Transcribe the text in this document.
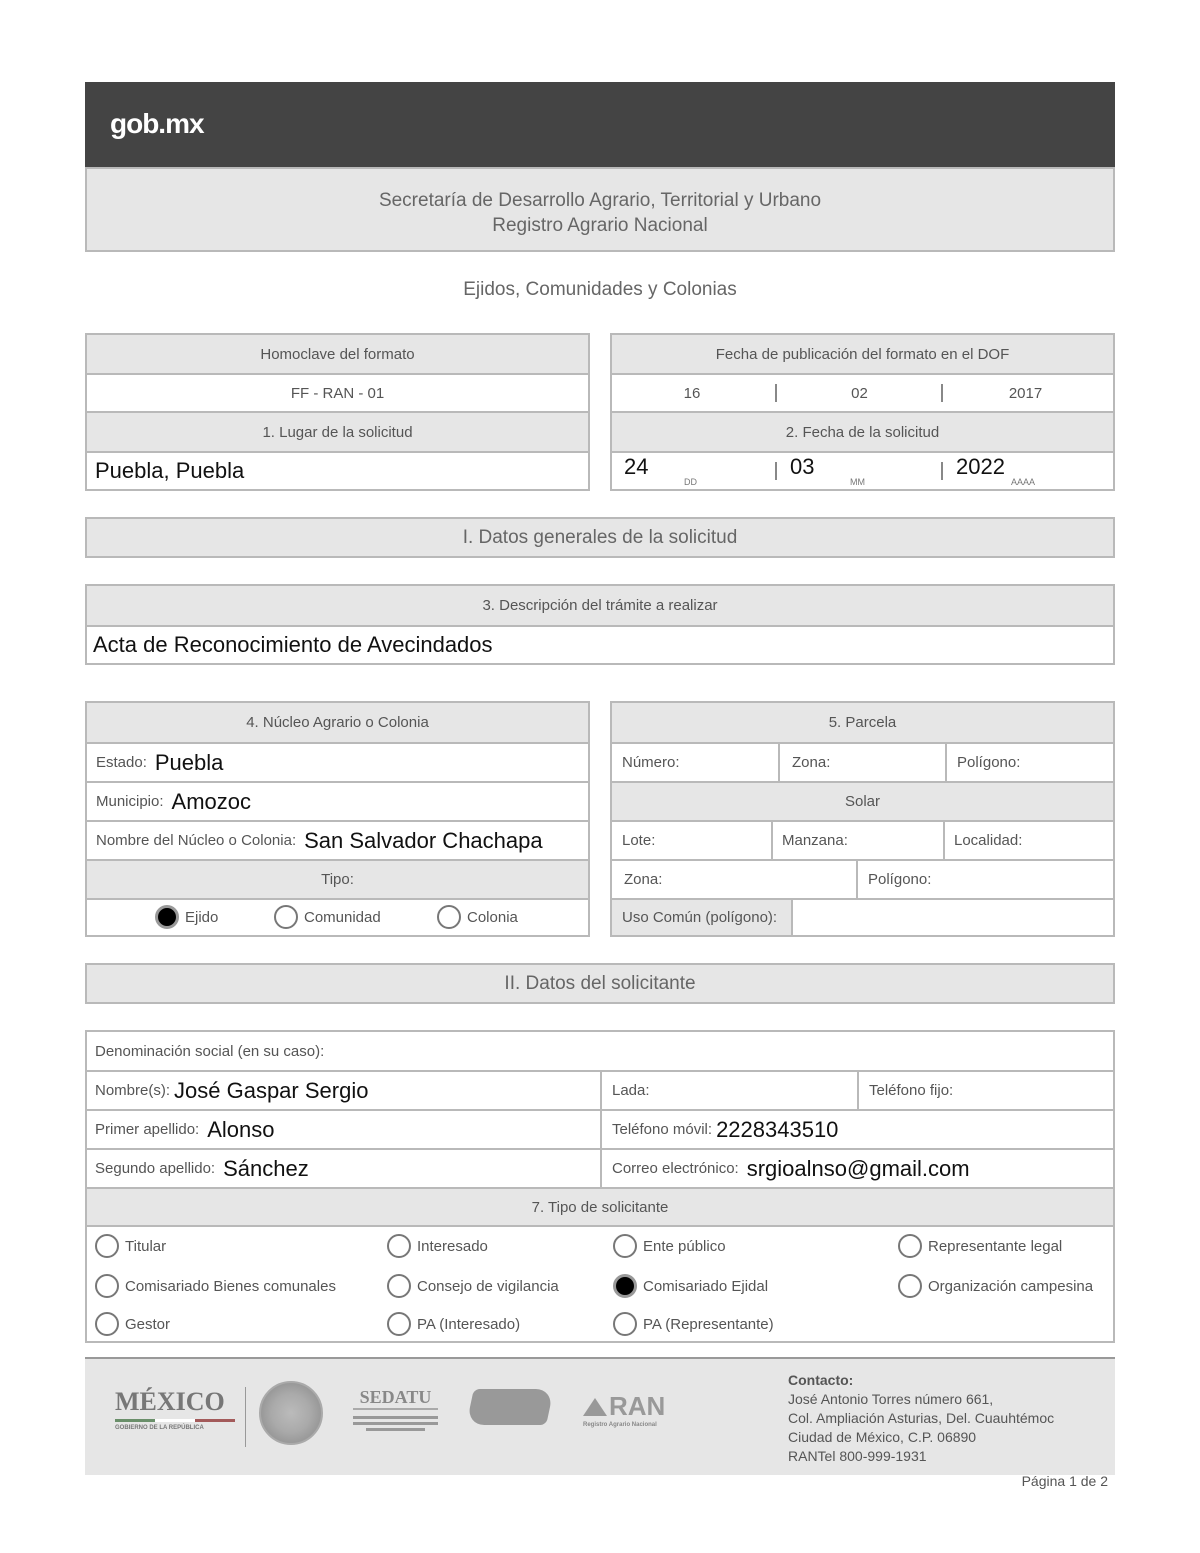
gob.mx
Secretaría de Desarrollo Agrario, Territorial y Urbano
Registro Agrario Nacional
Ejidos, Comunidades y Colonias
Homoclave del formato
FF - RAN - 01
1. Lugar de la solicitud
Puebla, Puebla
Fecha de publicación del formato en el DOF
16	02	2017
2. Fecha de la solicitud
24
DD
03
MM
2022
AAAA
I. Datos generales de la solicitud
3. Descripción del trámite a realizar
Acta de Reconocimiento de Avecindados
4. Núcleo Agrario o Colonia
Estado: Puebla
Municipio: Amozoc
Nombre del Núcleo o Colonia: San Salvador Chachapa
Tipo:
Ejido	Comunidad	Colonia
5. Parcela
Número:	Zona:	Polígono:
Solar
Lote:	Manzana:	Localidad:
Zona:	Polígono:
Uso Común (polígono):
II. Datos del solicitante
Denominación social (en su caso):
Nombre(s): José Gaspar Sergio	Lada:	Teléfono fijo:
Primer apellido: Alonso	Teléfono móvil: 2228343510
Segundo apellido: Sánchez	Correo electrónico: srgioalnso@gmail.com
7. Tipo de solicitante
Titular	Interesado	Ente público	Representante legal
Comisariado Bienes comunales	Consejo de vigilancia	Comisariado Ejidal	Organización campesina
Gestor	PA (Interesado)	PA (Representante)
MÉXICO
GOBIERNO DE LA REPÚBLICA
SEDATU	RAN
Registro Agrario Nacional
Contacto:
José Antonio Torres número 661,
Col. Ampliación Asturias, Del. Cuauhtémoc
Ciudad de México, C.P. 06890
RANTel 800-999-1931
Página 1 de 2
